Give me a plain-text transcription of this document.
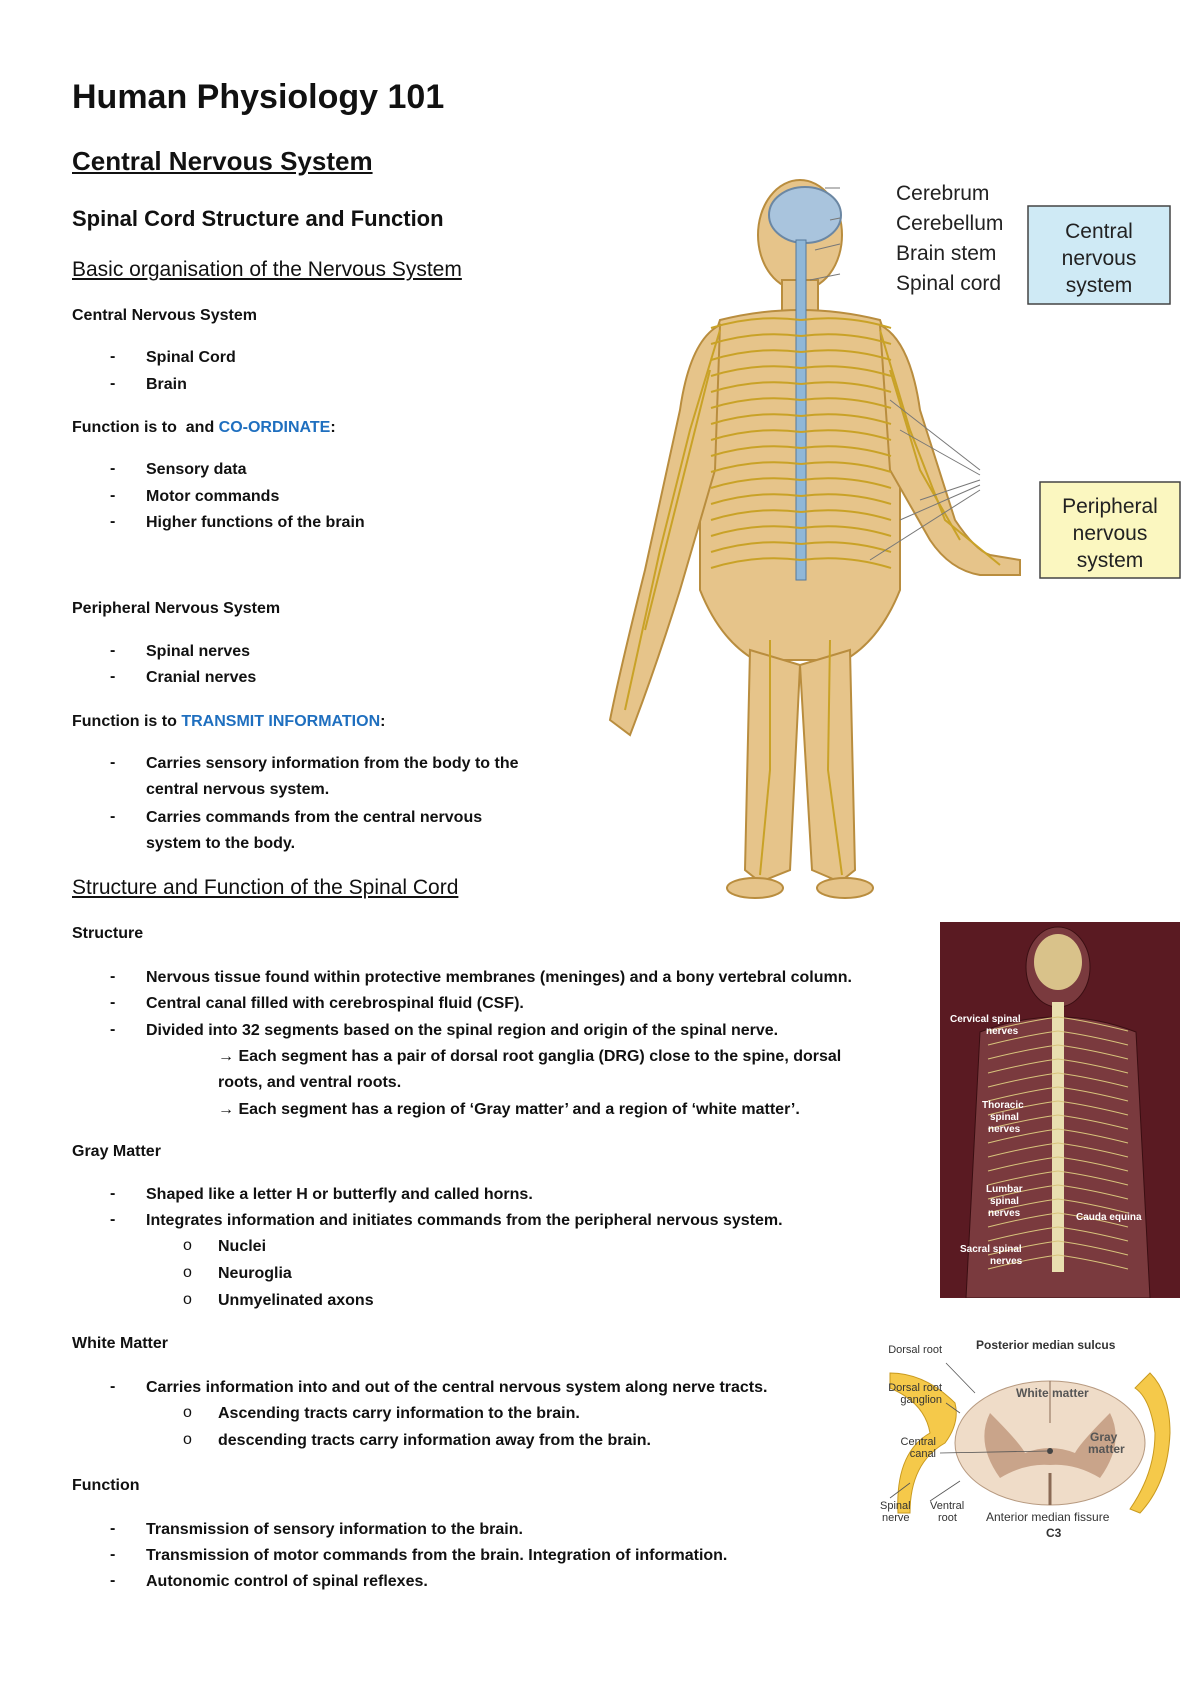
Human Physiology 101
Central Nervous System
Spinal Cord Structure and Function
Basic organisation of the Nervous System
Central Nervous System
- Spinal Cord
- Brain
Function is to  and CO-ORDINATE:
- Sensory data
- Motor commands
- Higher functions of the brain
Peripheral Nervous System
- Spinal nerves
- Cranial nerves
Function is to TRANSMIT INFORMATION:
- Carries sensory information from the body to the central nervous system.
- Carries commands from the central nervous system to the body.
Structure and Function of the Spinal Cord
Structure
- Nervous tissue found within protective membranes (meninges) and a bony vertebral column.
- Central canal filled with cerebrospinal fluid (CSF).
- Divided into 32 segments based on the spinal region and origin of the spinal nerve.
→ Each segment has a pair of dorsal root ganglia (DRG) close to the spine, dorsal
roots, and ventral roots.
→ Each segment has a region of ‘Gray matter’ and a region of ‘white matter’.
Gray Matter
- Shaped like a letter H or butterfly and called horns.
- Integrates information and initiates commands from the peripheral nervous system.
o Nuclei
o Neuroglia
o Unmyelinated axons
White Matter
- Carries information into and out of the central nervous system along nerve tracts.
o Ascending tracts carry information to the brain.
o descending tracts carry information away from the brain.
Function
- Transmission of sensory information to the brain.
- Transmission of motor commands from the brain. Integration of information.
- Autonomic control of spinal reflexes.
Cerebrum
Cerebellum
Brain stem
Spinal cord
Central
nervous
system
Peripheral
nervous
system
Cervical spinal
nerves
Thoracic
spinal
nerves
Lumbar
spinal
nerves
Sacral spinal
nerves
Cauda equina
Posterior median sulcus
Dorsal root
Dorsal root
ganglion
Central
canal
Spinal
nerve
Ventral
root
White matter
Gray
matter
Anterior median fissure
C3
